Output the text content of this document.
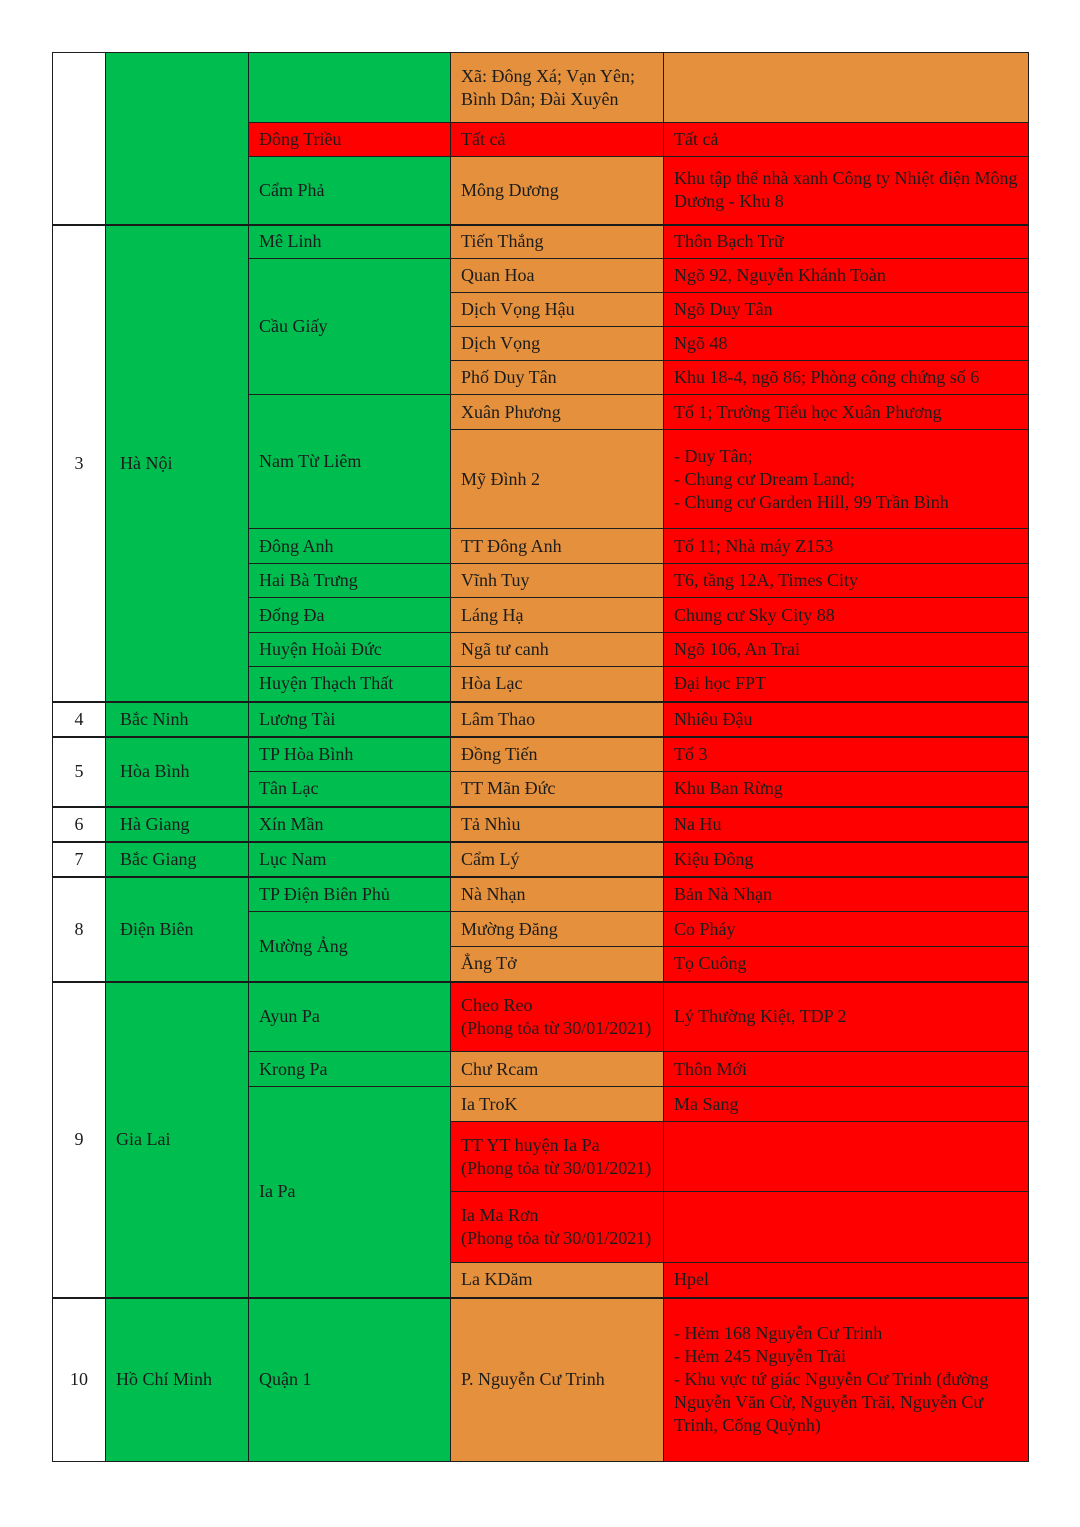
			Xã: Đông Xá; Vạn Yên; Bình Dân; Đài Xuyên	
		Đông Triều	Tất cả	Tất cả
		Cẩm Phả	Mông Dương	Khu tập thể nhà xanh Công ty Nhiệt điện Mông Dương - Khu 8
3	Hà Nội	Mê Linh	Tiến Thắng	Thôn Bạch Trữ
		Cầu Giấy	Quan Hoa	Ngõ 92, Nguyễn Khánh Toàn
			Dịch Vọng Hậu	Ngõ Duy Tân
			Dịch Vọng	Ngõ 48
			Phố Duy Tân	Khu 18-4, ngõ 86; Phòng công chứng số 6
		Nam Từ Liêm	Xuân Phương	Tổ 1; Trường Tiểu học Xuân Phương
			Mỹ Đình 2	- Duy Tân;
- Chung cư Dream Land;
- Chung cư Garden Hill, 99 Trần Bình
		Đông Anh	TT Đông Anh	Tổ 11; Nhà máy Z153
		Hai Bà Trưng	Vĩnh Tuy	T6, tầng 12A, Times City
		Đống Đa	Láng Hạ	Chung cư Sky City 88
		Huyện Hoài Đức	Ngã tư canh	Ngõ 106, An Trai
		Huyện Thạch Thất	Hòa Lạc	Đại học FPT
4	Bắc Ninh	Lương Tài	Lâm Thao	Nhiêu Đậu
5	Hòa Bình	TP Hòa Bình	Đồng Tiến	Tổ 3
		Tân Lạc	TT Mãn Đức	Khu Ban Rừng
6	Hà Giang	Xín Mần	Tả Nhìu	Na Hu
7	Bắc Giang	Lục Nam	Cẩm Lý	Kiệu Đông
8	Điện Biên	TP Điện Biên Phủ	Nà Nhạn	Bản Nà Nhạn
		Mường Ảng	Mường Đăng	Co Pháy
			Ẳng Tở	Tọ Cuông
9	Gia Lai	Ayun Pa	Cheo Reo
(Phong tỏa từ 30/01/2021)	Lý Thường Kiệt, TDP 2
		Krong Pa	Chư Rcam	Thôn Mới
		Ia Pa	Ia TroK	Ma Sang
			TT YT huyện Ia Pa
(Phong tỏa từ 30/01/2021)	
			Ia Ma Rơn
(Phong tỏa từ 30/01/2021)	
			La KDăm	Hpel
10	Hồ Chí Minh	Quận 1	P. Nguyễn Cư Trinh	- Hẻm 168 Nguyễn Cư Trinh
- Hẻm 245 Nguyễn Trãi
- Khu vực tứ giác Nguyễn Cư Trinh (đường Nguyễn Văn Cừ, Nguyễn Trãi, Nguyễn Cư Trinh, Cống Quỳnh)
